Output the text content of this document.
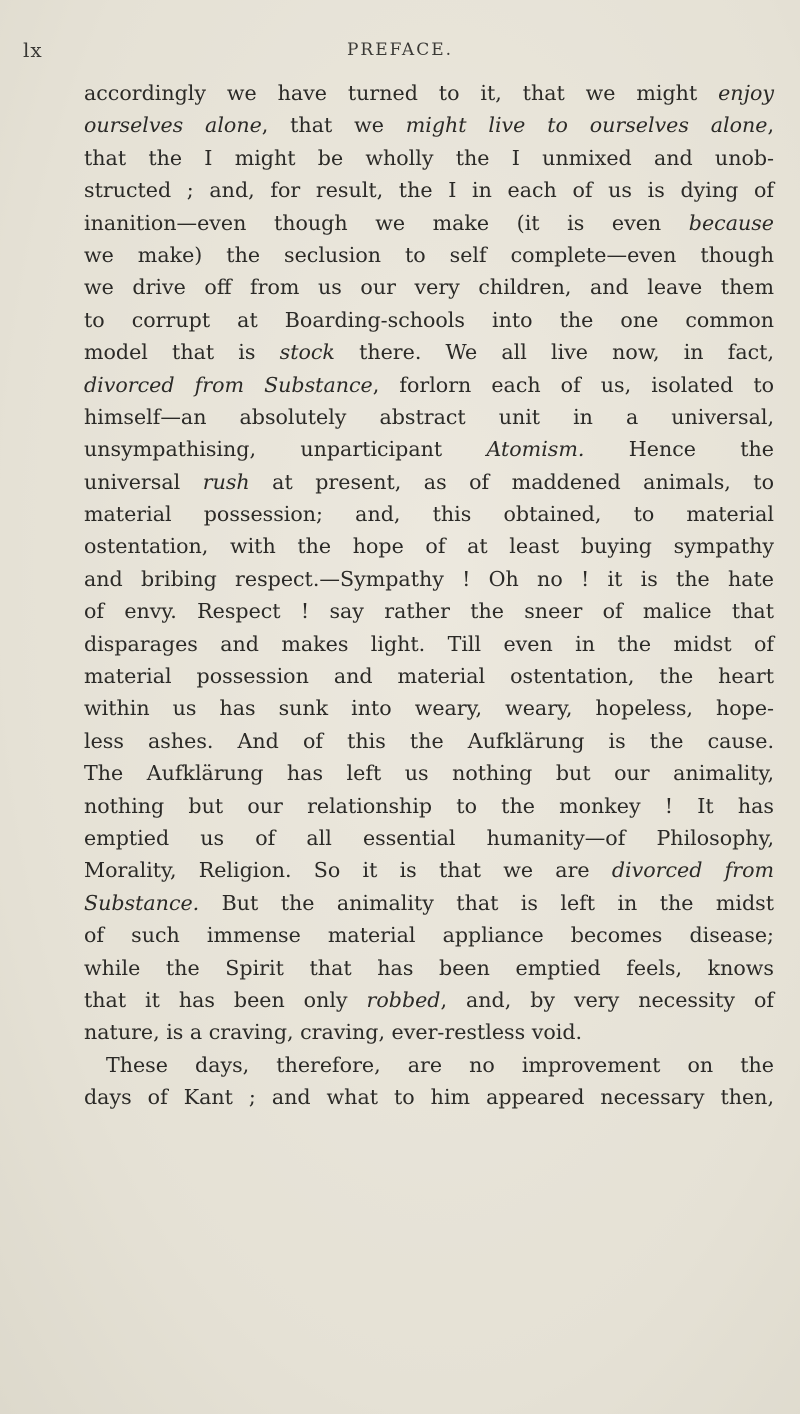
lx	PREFACE.
accordingly we have turned to it, that we might enjoy
ourselves alone, that we might live to ourselves alone,
that the I might be wholly the I unmixed and unob-
structed ; and, for result, the I in each of us is dying of
inanition—even though we make (it is even because
we make) the seclusion to self complete—even though
we drive off from us our very children, and leave them
to corrupt at Boarding-schools into the one common
model that is stock there. We all live now, in fact,
divorced from Substance, forlorn each of us, isolated to
himself—an absolutely abstract unit in a universal,
unsympathising, unparticipant Atomism. Hence the
universal rush at present, as of maddened animals, to
material possession; and, this obtained, to material
ostentation, with the hope of at least buying sympathy
and bribing respect.—Sympathy ! Oh no ! it is the hate
of envy. Respect ! say rather the sneer of malice that
disparages and makes light. Till even in the midst of
material possession and material ostentation, the heart
within us has sunk into weary, weary, hopeless, hope-
less ashes. And of this the Aufklärung is the cause.
The Aufklärung has left us nothing but our animality,
nothing but our relationship to the monkey ! It has
emptied us of all essential humanity—of Philosophy,
Morality, Religion. So it is that we are divorced from
Substance. But the animality that is left in the midst
of such immense material appliance becomes disease;
while the Spirit that has been emptied feels, knows
that it has been only robbed, and, by very necessity of
nature, is a craving, craving, ever-restless void.
These days, therefore, are no improvement on the
days of Kant ; and what to him appeared necessary then,
